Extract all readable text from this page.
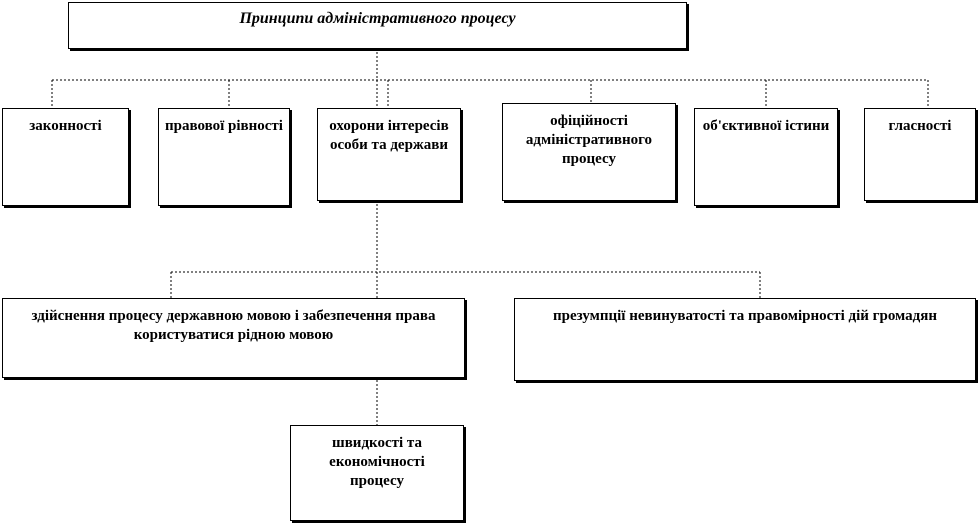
Принципи адміністративного процесу
законності	правової рівності	охорони інтересів особи та держави
офіційності адміністративного процесу
об'єктивної істини	гласності
здійснення процесу державною мовою і забезпечення права користуватися рідною мовою
презумпції невинуватості та правомірності дій громадян
швидкості та економічності процесу
